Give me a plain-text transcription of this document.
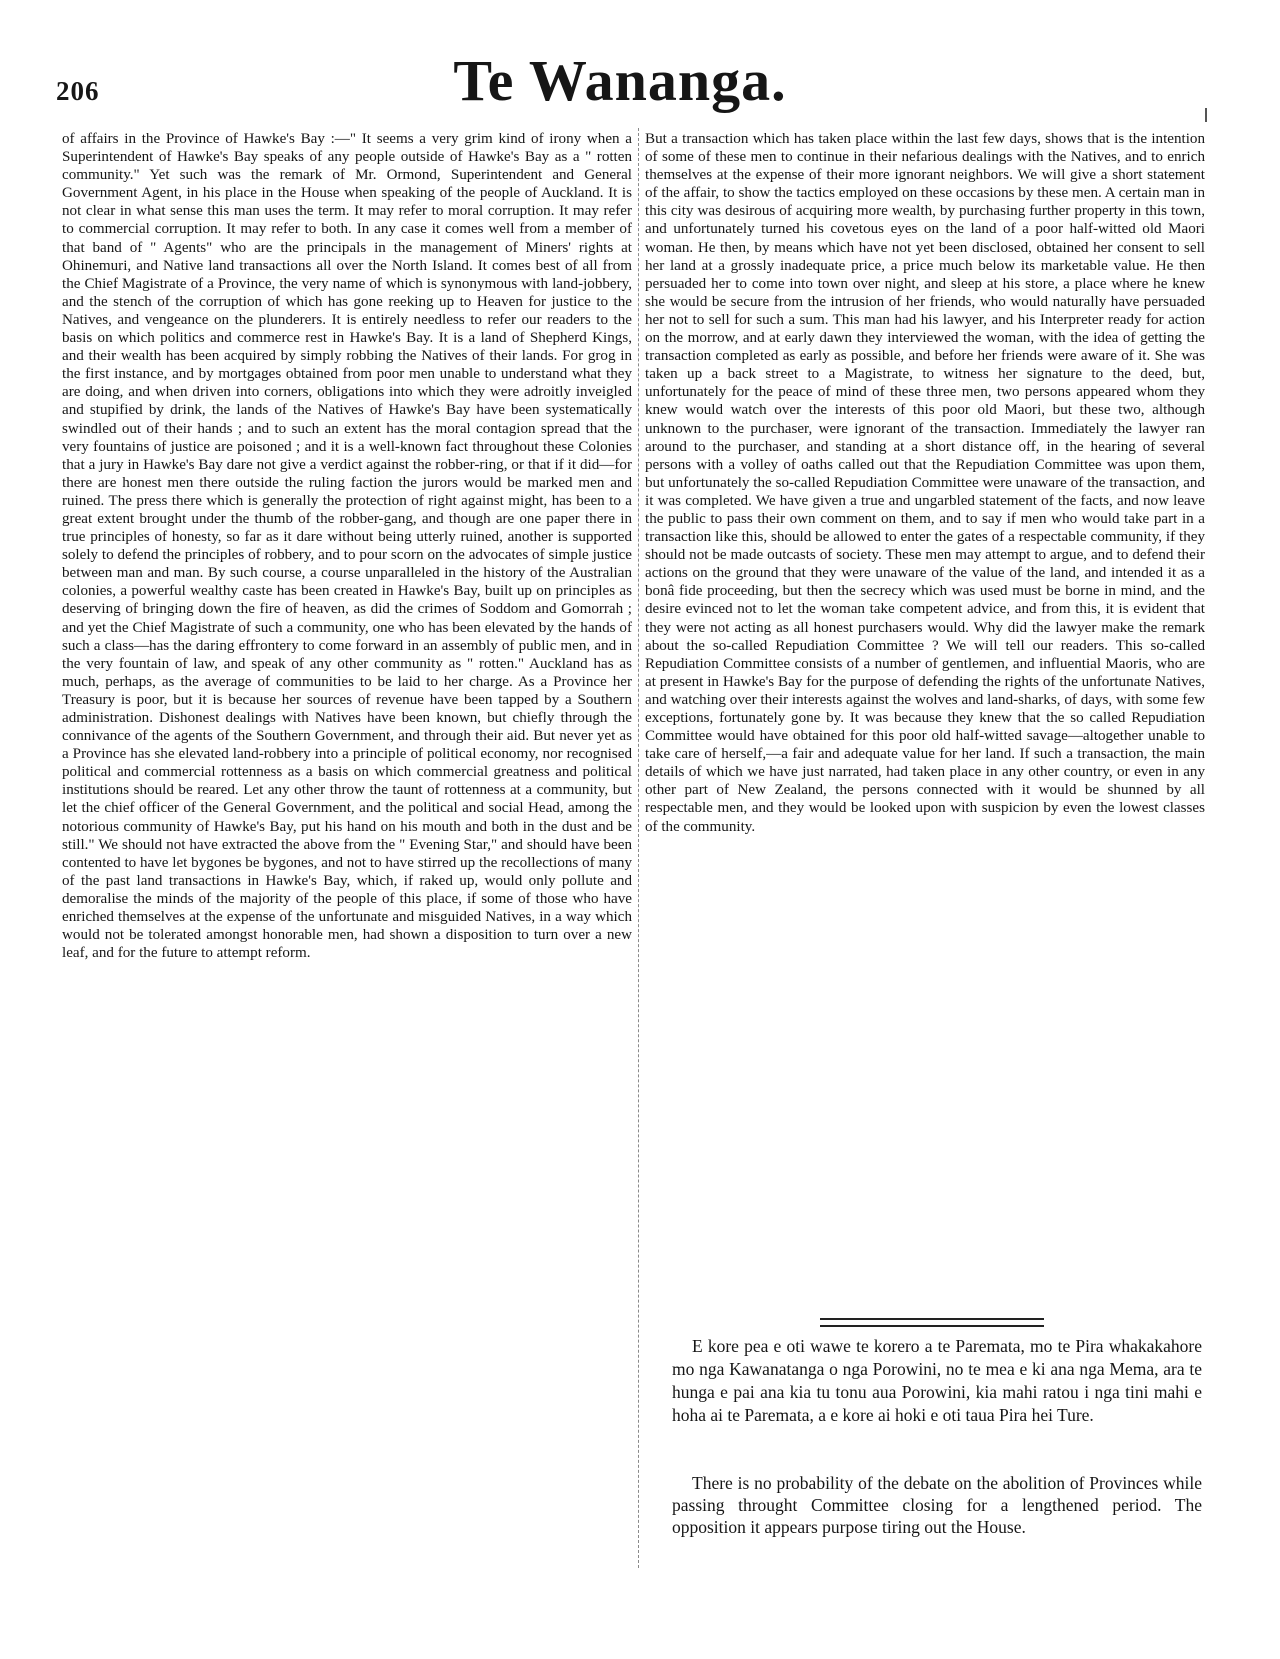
206	Te Wananga.

of affairs in the Province of Hawke's Bay :—" It seems a very grim kind of irony when a Superintendent of Hawke's Bay speaks of any people outside of Hawke's Bay as a " rotten community." Yet such was the remark of Mr. Ormond, Superintendent and General Government Agent, in his place in the House when speaking of the people of Auckland. It is not clear in what sense this man uses the term. It may refer to moral corruption. It may refer to commercial corruption. It may refer to both. In any case it comes well from a member of that band of " Agents" who are the principals in the management of Miners' rights at Ohinemuri, and Native land transactions all over the North Island. It comes best of all from the Chief Magistrate of a Province, the very name of which is synonymous with land-jobbery, and the stench of the corruption of which has gone reeking up to Heaven for justice to the Natives, and vengeance on the plunderers. It is entirely needless to refer our readers to the basis on which politics and commerce rest in Hawke's Bay. It is a land of Shepherd Kings, and their wealth has been acquired by simply robbing the Natives of their lands. For grog in the first instance, and by mortgages obtained from poor men unable to understand what they are doing, and when driven into corners, obligations into which they were adroitly inveigled and stupified by drink, the lands of the Natives of Hawke's Bay have been systematically swindled out of their hands ; and to such an extent has the moral contagion spread that the very fountains of justice are poisoned ; and it is a well-known fact throughout these Colonies that a jury in Hawke's Bay dare not give a verdict against the robber-ring, or that if it did—for there are honest men there outside the ruling faction the jurors would be marked men and ruined. The press there which is generally the protection of right against might, has been to a great extent brought under the thumb of the robber-gang, and though are one paper there in true principles of honesty, so far as it dare without being utterly ruined, another is supported solely to defend the principles of robbery, and to pour scorn on the advocates of simple justice between man and man. By such course, a course unparalleled in the history of the Australian colonies, a powerful wealthy caste has been created in Hawke's Bay, built up on principles as deserving of bringing down the fire of heaven, as did the crimes of Soddom and Gomorrah ; and yet the Chief Magistrate of such a community, one who has been elevated by the hands of such a class—has the daring effrontery to come forward in an assembly of public men, and in the very fountain of law, and speak of any other community as " rotten." Auckland has as much, perhaps, as the average of communities to be laid to her charge. As a Province her Treasury is poor, but it is because her sources of revenue have been tapped by a Southern administration. Dishonest dealings with Natives have been known, but chiefly through the connivance of the agents of the Southern Government, and through their aid. But never yet as a Province has she elevated land-robbery into a principle of political economy, nor recognised political and commercial rottenness as a basis on which commercial greatness and political institutions should be reared. Let any other throw the taunt of rottenness at a community, but let the chief officer of the General Government, and the political and social Head, among the notorious community of Hawke's Bay, put his hand on his mouth and both in the dust and be still." We should not have extracted the above from the " Evening Star," and should have been contented to have let bygones be bygones, and not to have stirred up the recollections of many of the past land transactions in Hawke's Bay, which, if raked up, would only pollute and demoralise the minds of the majority of the people of this place, if some of those who have enriched themselves at the expense of the unfortunate and misguided Natives, in a way which would not be tolerated amongst honorable men, had shown a disposition to turn over a new leaf, and for the future to attempt reform.

But a transaction which has taken place within the last few days, shows that is the intention of some of these men to continue in their nefarious dealings with the Natives, and to enrich themselves at the expense of their more ignorant neighbors. We will give a short statement of the affair, to show the tactics employed on these occasions by these men. A certain man in this city was desirous of acquiring more wealth, by purchasing further property in this town, and unfortunately turned his covetous eyes on the land of a poor half-witted old Maori woman. He then, by means which have not yet been disclosed, obtained her consent to sell her land at a grossly inadequate price, a price much below its marketable value. He then persuaded her to come into town over night, and sleep at his store, a place where he knew she would be secure from the intrusion of her friends, who would naturally have persuaded her not to sell for such a sum. This man had his lawyer, and his Interpreter ready for action on the morrow, and at early dawn they interviewed the woman, with the idea of getting the transaction completed as early as possible, and before her friends were aware of it. She was taken up a back street to a Magistrate, to witness her signature to the deed, but, unfortunately for the peace of mind of these three men, two persons appeared whom they knew would watch over the interests of this poor old Maori, but these two, although unknown to the purchaser, were ignorant of the transaction. Immediately the lawyer ran around to the purchaser, and standing at a short distance off, in the hearing of several persons with a volley of oaths called out that the Repudiation Committee was upon them, but unfortunately the so-called Repudiation Committee were unaware of the transaction, and it was completed. We have given a true and ungarbled statement of the facts, and now leave the public to pass their own comment on them, and to say if men who would take part in a transaction like this, should be allowed to enter the gates of a respectable community, if they should not be made outcasts of society. These men may attempt to argue, and to defend their actions on the ground that they were unaware of the value of the land, and intended it as a bonâ fide proceeding, but then the secrecy which was used must be borne in mind, and the desire evinced not to let the woman take competent advice, and from this, it is evident that they were not acting as all honest purchasers would. Why did the lawyer make the remark about the so-called Repudiation Committee ? We will tell our readers. This so-called Repudiation Committee consists of a number of gentlemen, and influential Maoris, who are at present in Hawke's Bay for the purpose of defending the rights of the unfortunate Natives, and watching over their interests against the wolves and land-sharks, of days, with some few exceptions, fortunately gone by. It was because they knew that the so called Repudiation Committee would have obtained for this poor old half-witted savage—altogether unable to take care of herself,—a fair and adequate value for her land. If such a transaction, the main details of which we have just narrated, had taken place in any other country, or even in any other part of New Zealand, the persons connected with it would be shunned by all respectable men, and they would be looked upon with suspicion by even the lowest classes of the community.

E kore pea e oti wawe te korero a te Paremata, mo te Pira whakakahore mo nga Kawanatanga o nga Porowini, no te mea e ki ana nga Mema, ara te hunga e pai ana kia tu tonu aua Porowini, kia mahi ratou i nga tini mahi e hoha ai te Paremata, a e kore ai hoki e oti taua Pira hei Ture.

There is no probability of the debate on the abolition of Provinces while passing throught Committee closing for a lengthened period. The opposition it appears purpose tiring out the House.
